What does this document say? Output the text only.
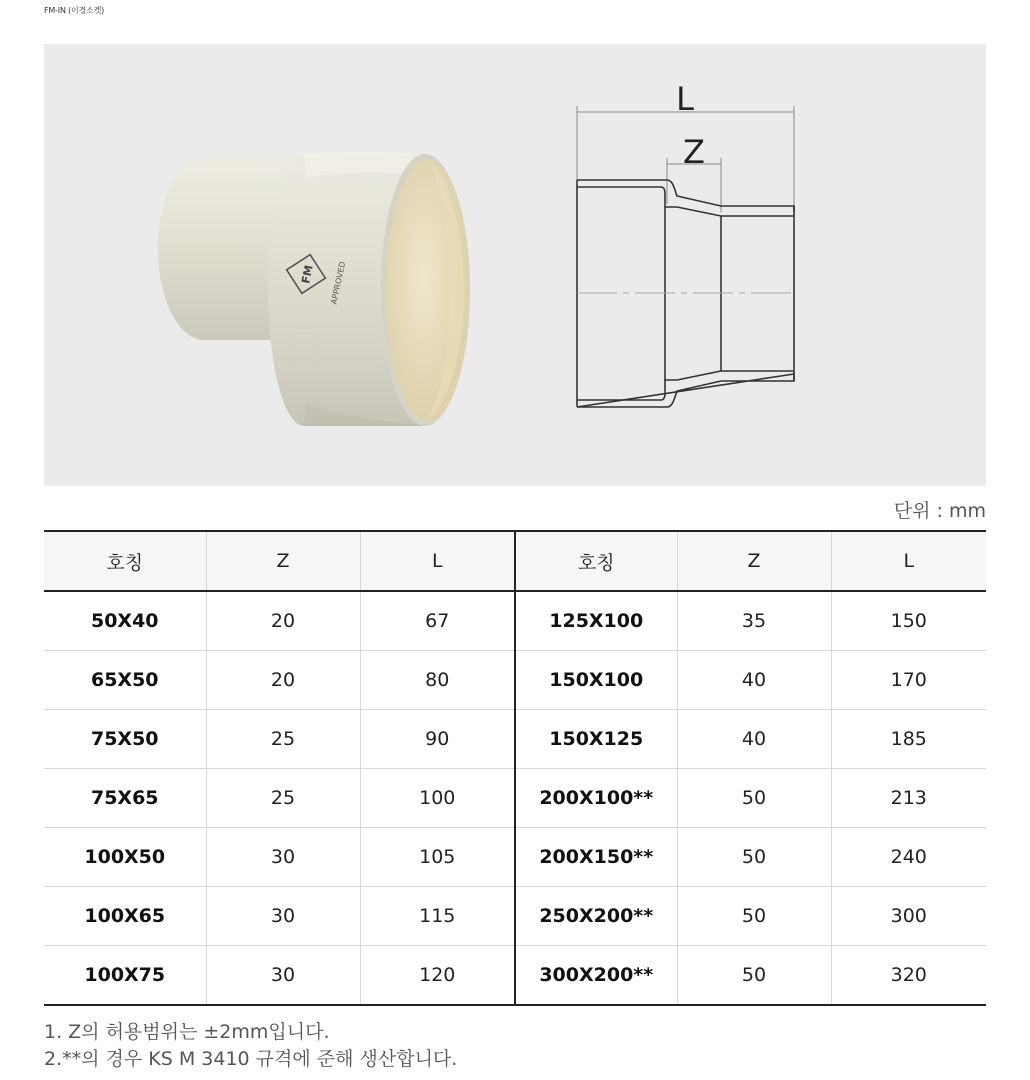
FM-IN (이경소켓)
FM APPROVED
L
Z
단위 : mm
호칭	Z	L	호칭	Z	L
50X40	20	67	125X100	35	150
65X50	20	80	150X100	40	170
75X50	25	90	150X125	40	185
75X65	25	100	200X100**	50	213
100X50	30	105	200X150**	50	240
100X65	30	115	250X200**	50	300
100X75	30	120	300X200**	50	320
1. Z의 허용범위는 ±2mm입니다.
2.**의 경우 KS M 3410 규격에 준해 생산합니다.
